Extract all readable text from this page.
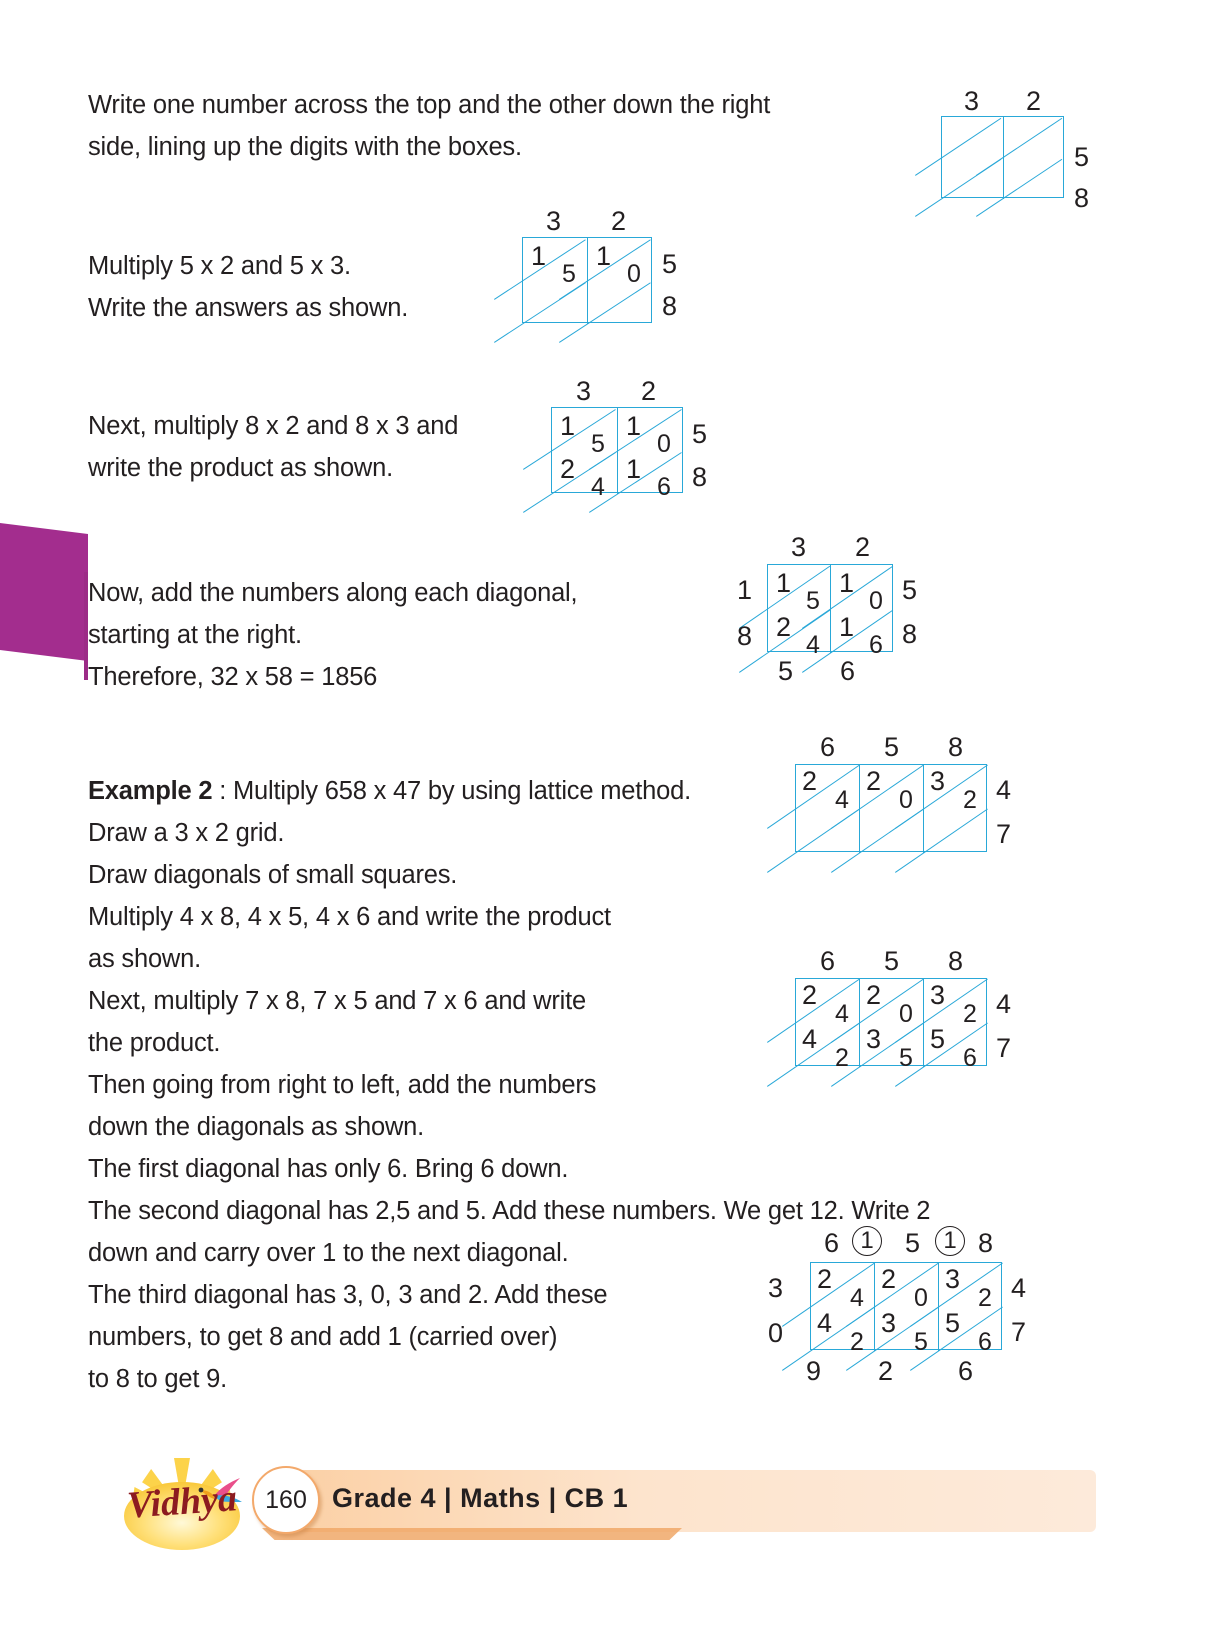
Write one number across the top and the other down the right
side, lining up the digits with the boxes.
3 2
5
8
Multiply 5 x 2 and 5 x 3.
Write the answers as shown.
3 2
5
8
1
5
1
0
Next, multiply 8 x 2 and 8 x 3 and
write the product as shown.
3 2
5
8
1
5
1
0
2
4
1
6
Now, add the numbers along each diagonal,
starting at the right.
Therefore, 32 x 58 = 1856
3 2
5
8
1
8
5 6
1
5
1
0
2
4
1
6
Example 2 : Multiply 658 x 47 by using lattice method.
Draw a 3 x 2 grid.
Draw diagonals of small squares.
Multiply 4 x 8, 4 x 5, 4 x 6 and write the product
as shown.
Next, multiply 7 x 8, 7 x 5 and 7 x 6 and write
the product.
Then going from right to left, add the numbers
down the diagonals as shown.
The first diagonal has only 6. Bring 6 down.
The second diagonal has 2,5 and 5. Add these numbers. We get 12. Write 2
down and carry over 1 to the next diagonal.
The third diagonal has 3, 0, 3 and 2. Add these
numbers, to get 8 and add 1 (carried over)
to 8 to get 9.
6 5 8
4
7
2
4
2
0
3
2
6 5 8
4
7
2
4
2
0
3
2
4
2
3
5
5
6
6 1	5 1 8
4
7
3
0
9 2 6
2
4
2
0
3
2
4
2
3
5
5
6
Grade 4 | Maths | CB 1
160
Vidhya
